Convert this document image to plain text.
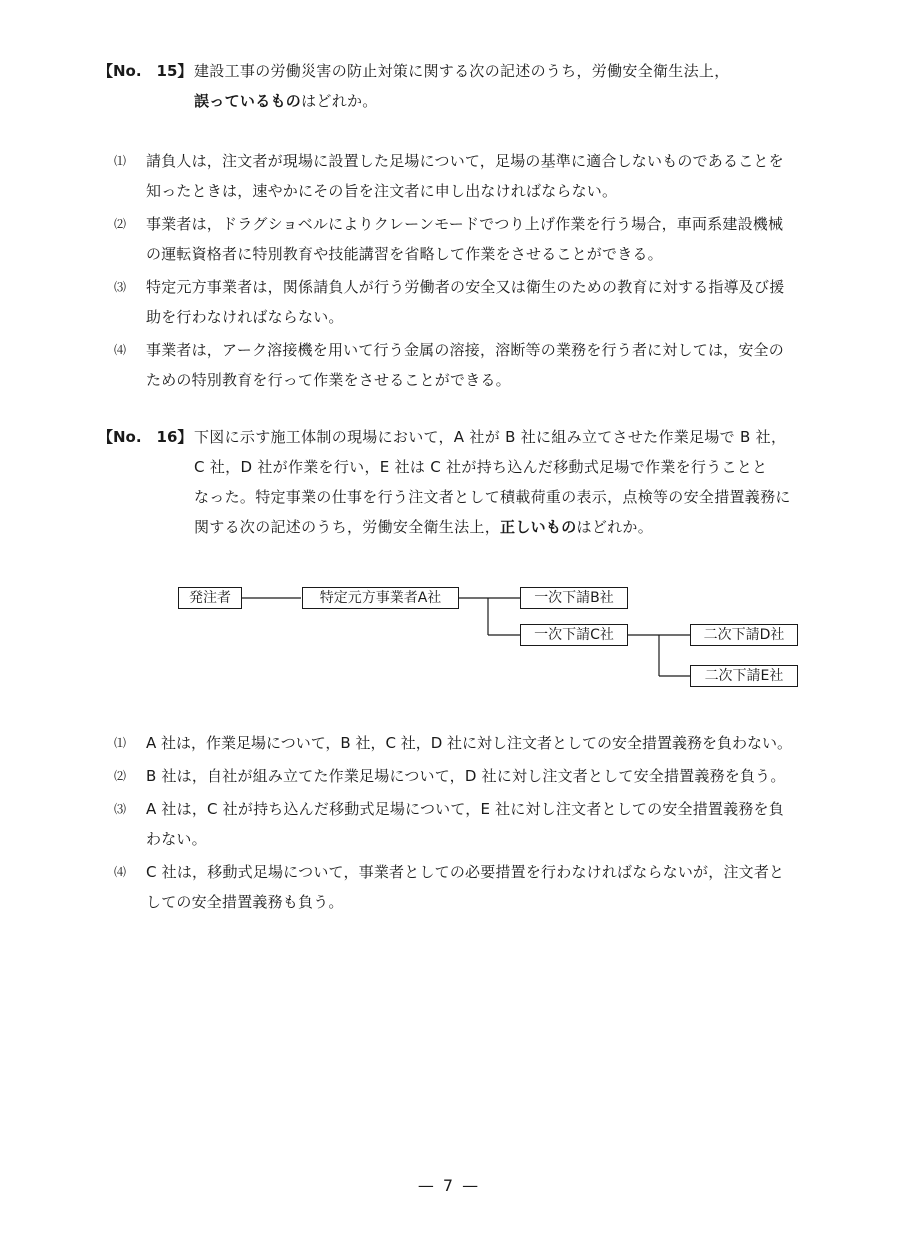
【No.　15】 建設工事の労働災害の防止対策に関する次の記述のうち，労働安全衛生法上，
誤っているものはどれか。
⑴	請負人は，注文者が現場に設置した足場について，足場の基準に適合しないものであることを
知ったときは，速やかにその旨を注文者に申し出なければならない。
⑵	事業者は，ドラグショベルによりクレーンモードでつり上げ作業を行う場合，車両系建設機械
の運転資格者に特別教育や技能講習を省略して作業をさせることができる。
⑶	特定元方事業者は，関係請負人が行う労働者の安全又は衛生のための教育に対する指導及び援
助を行わなければならない。
⑷	事業者は，アーク溶接機を用いて行う金属の溶接，溶断等の業務を行う者に対しては，安全の
ための特別教育を行って作業をさせることができる。
【No.　16】 下図に示す施工体制の現場において，A 社が B 社に組み立てさせた作業足場で B 社，
C 社，D 社が作業を行い，E 社は C 社が持ち込んだ移動式足場で作業を行うことと
なった。特定事業の仕事を行う注文者として積載荷重の表示，点検等の安全措置義務に
関する次の記述のうち，労働安全衛生法上，正しいものはどれか。
発注者	特定元方事業者A社	一次下請B社
一次下請C社	二次下請D社
二次下請E社
⑴	A 社は，作業足場について，B 社，C 社，D 社に対し注文者としての安全措置義務を負わない。
⑵	B 社は，自社が組み立てた作業足場について，D 社に対し注文者として安全措置義務を負う。
⑶	A 社は，C 社が持ち込んだ移動式足場について，E 社に対し注文者としての安全措置義務を負
わない。
⑷	C 社は，移動式足場について，事業者としての必要措置を行わなければならないが，注文者と
しての安全措置義務も負う。
— 7 —
